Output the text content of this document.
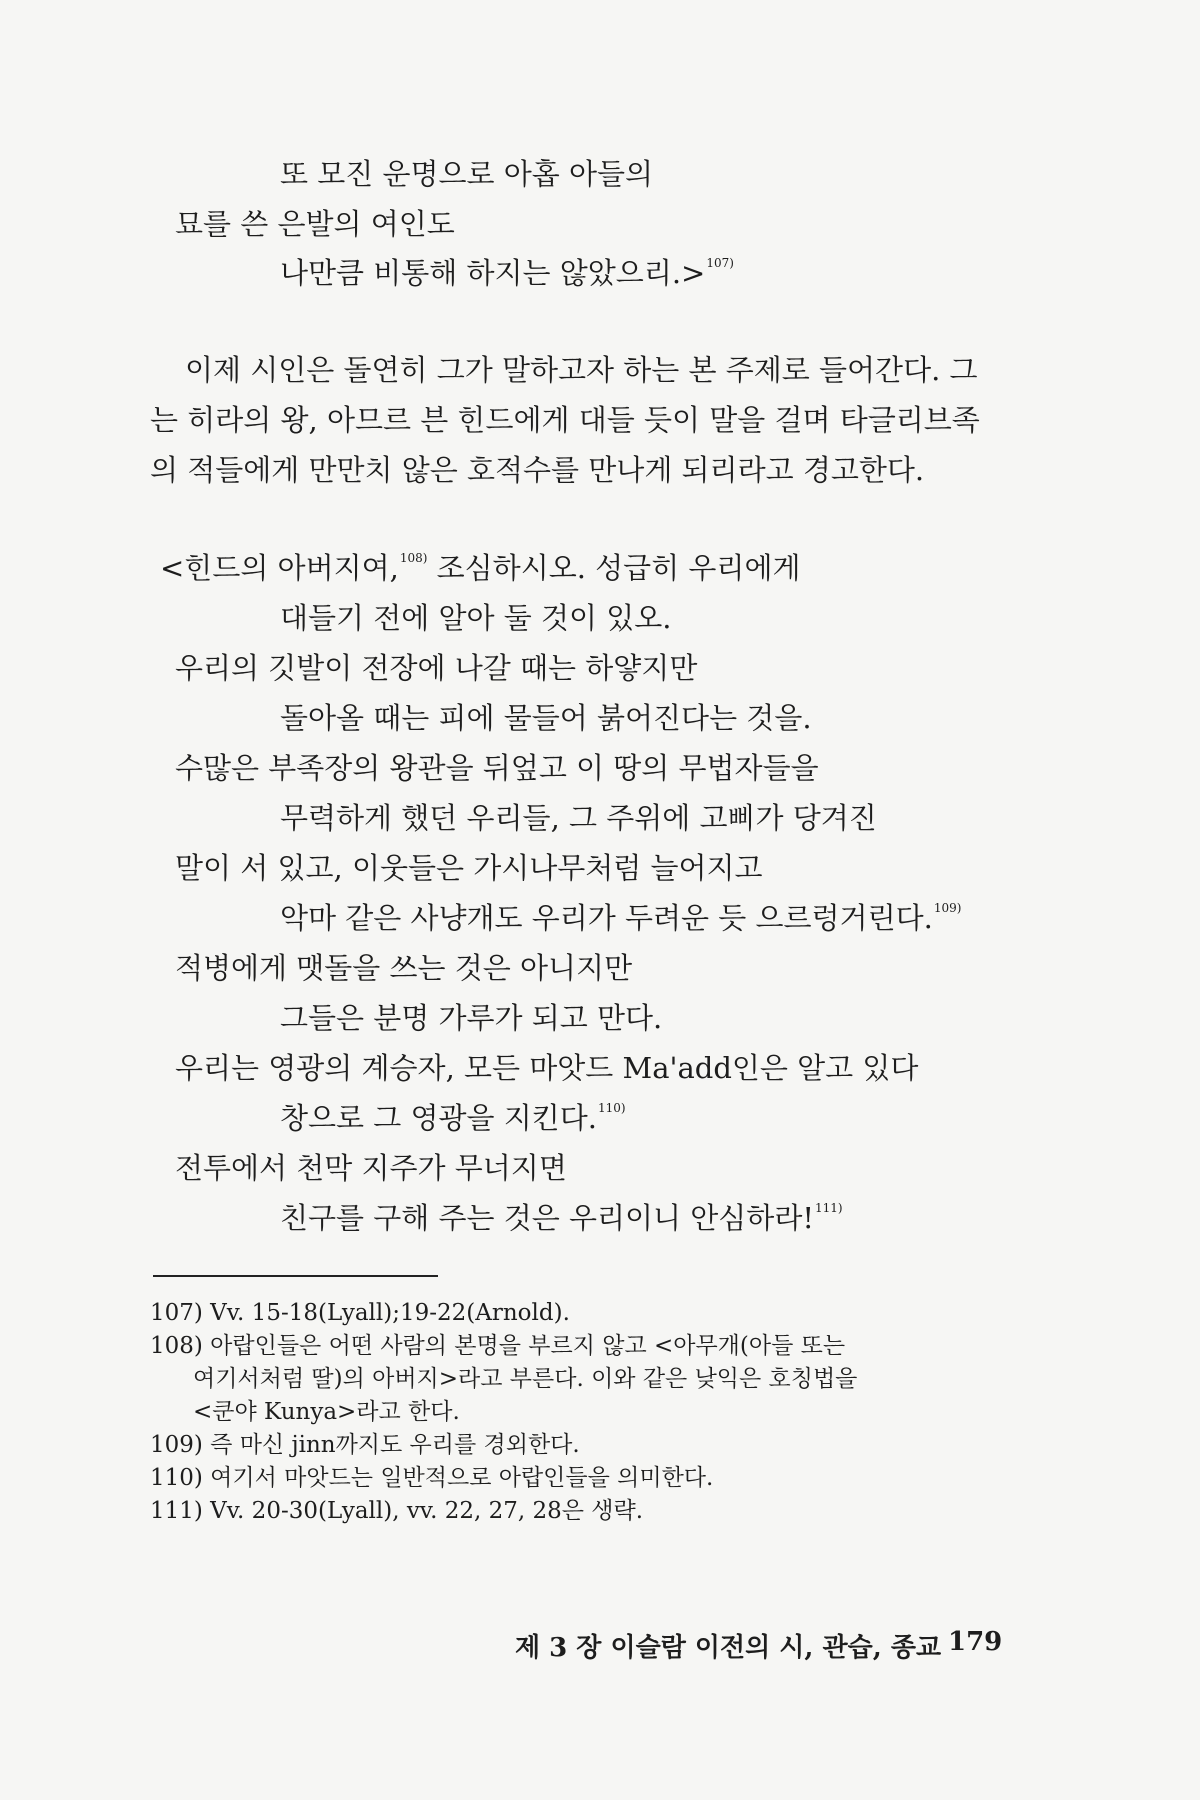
또 모진 운명으로 아홉 아들의
묘를 쓴 은발의 여인도
나만큼 비통해 하지는 않았으리.>$^{107)}$
이제 시인은 돌연히 그가 말하고자 하는 본 주제로 들어간다. 그
는 히라의 왕, 아므르 븐 힌드에게 대들 듯이 말을 걸며 타글리브족
의 적들에게 만만치 않은 호적수를 만나게 되리라고 경고한다.
<힌드의 아버지여,$^{108)}$ 조심하시오. 성급히 우리에게
대들기 전에 알아 둘 것이 있오.
우리의 깃발이 전장에 나갈 때는 하얗지만
돌아올 때는 피에 물들어 붉어진다는 것을.
수많은 부족장의 왕관을 뒤엎고 이 땅의 무법자들을
무력하게 했던 우리들, 그 주위에 고삐가 당겨진
말이 서 있고, 이웃들은 가시나무처럼 늘어지고
악마 같은 사냥개도 우리가 두려운 듯 으르렁거린다.$^{109)}$
적병에게 맷돌을 쓰는 것은 아니지만
그들은 분명 가루가 되고 만다.
우리는 영광의 계승자, 모든 마앗드 Ma'add인은 알고 있다
창으로 그 영광을 지킨다.$^{110)}$
전투에서 천막 지주가 무너지면
친구를 구해 주는 것은 우리이니 안심하라!$^{111)}$
107) Vv. 15-18(Lyall);19-22(Arnold).
108) 아랍인들은 어떤 사람의 본명을 부르지 않고 <아무개(아들 또는
여기서처럼 딸)의 아버지>라고 부른다. 이와 같은 낮익은 호칭법을
<쿤야 Kunya>라고 한다.
109) 즉 마신 jinn까지도 우리를 경외한다.
110) 여기서 마앗드는 일반적으로 아랍인들을 의미한다.
111) Vv. 20-30(Lyall), vv. 22, 27, 28은 생략.
제 3 장 이슬람 이전의 시, 관습, 종교 179
